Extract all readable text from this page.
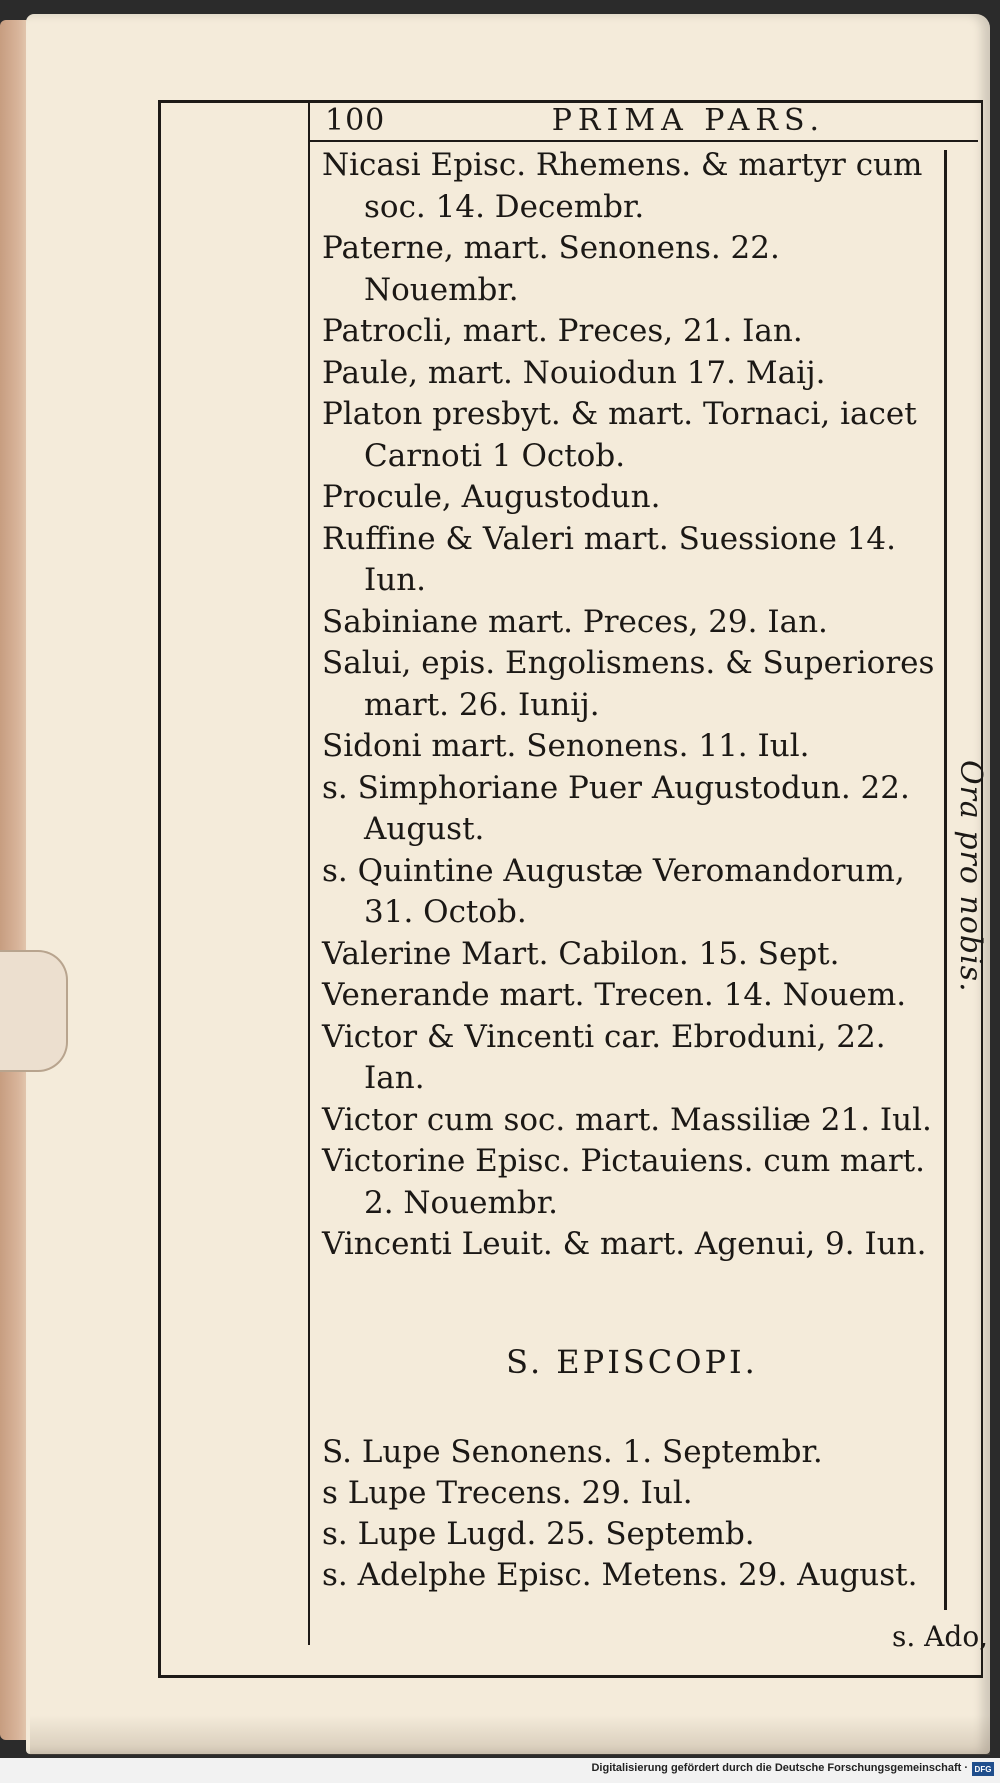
100	PRIMA PARS.

Nicasi Episc. Rhemens. & martyr cum soc. 14. Decembr.

Paterne, mart. Senonens. 22. Nouembr.

Patrocli, mart. Preces, 21. Ian.

Paule, mart. Nouiodun 17. Maij.

Platon presbyt. & mart. Tornaci, iacet Carnoti 1 Octob.

Procule, Augustodun.

Ruffine & Valeri mart. Suessione 14. Iun.

Sabiniane mart. Preces, 29. Ian.

Salui, epis. Engolismens. & Superiores mart. 26. Iunij.

Sidoni mart. Senonens. 11. Iul.

s. Simphoriane Puer Augustodun. 22. August.

s. Quintine Augustæ Veromandorum, 31. Octob.

Valerine Mart. Cabilon. 15. Sept.

Venerande mart. Trecen. 14. Nouem.

Victor & Vincenti car. Ebroduni, 22. Ian.

Victor cum soc. mart. Massiliæ 21. Iul.

Victorine Episc. Pictauiens. cum mart. 2. Nouembr.

Vincenti Leuit. & mart. Agenui, 9. Iun.

S. EPISCOPI.

S. Lupe Senonens. 1. Septembr.

s Lupe Trecens. 29. Iul.

s. Lupe Lugd. 25. Septemb.

s. Adelphe Episc. Metens. 29. August.

Ora pro nobis.
s. Ado,
Digitalisierung gefördert durch die Deutsche Forschungsgemeinschaft · DFG
